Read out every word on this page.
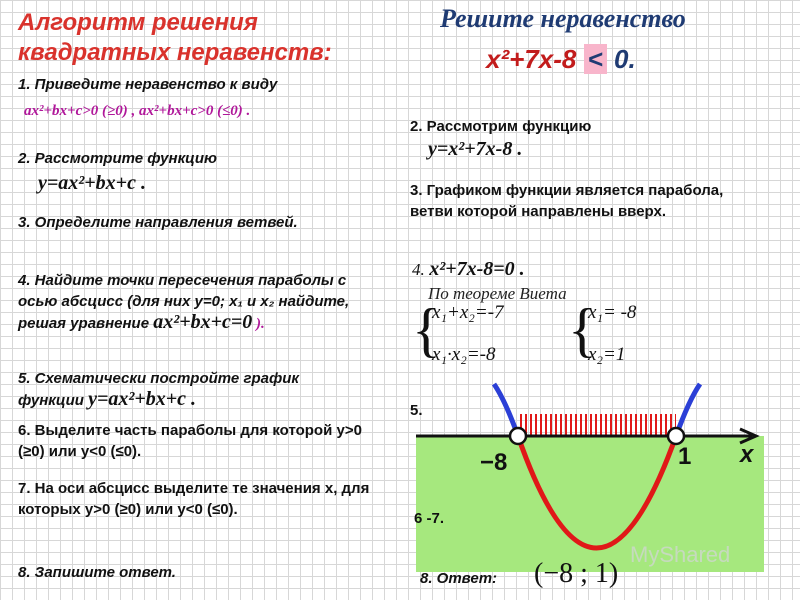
Алгоритм решения квадратных неравенств:
Решите неравенство
x²+7x-8 < 0.
1. Приведите неравенство к виду
ax²+bx+c>0 (≥0) , ax²+bx+c>0 (≤0) .
2. Рассмотрите функцию
y=ax²+bx+c .
3. Определите направления ветвей.
4. Найдите точки пересечения параболы с осью абсцисс (для них y=0; x₁ и x₂ найдите, решая уравнение ax²+bx+c=0 ).
5. Схематически постройте график функции y=ax²+bx+c .
6. Выделите часть параболы для которой y>0 (≥0) или y<0 (≤0).
7. На оси абсцисс выделите те значения x, для которых y>0 (≥0) или y<0 (≤0).
8. Запишите ответ.
2. Рассмотрим функцию
y=x²+7x-8 .
3. Графиком функции является парабола, ветви которой направлены вверх.
4. x²+7x-8=0 .
По теореме Виета
{
x₁+x₂=-7
x₁·x₂=-8 {
x₁= -8
x₂=1
5.
−8	1 x
MyShared
6 -7.
8. Ответ: (−8 ; 1)
